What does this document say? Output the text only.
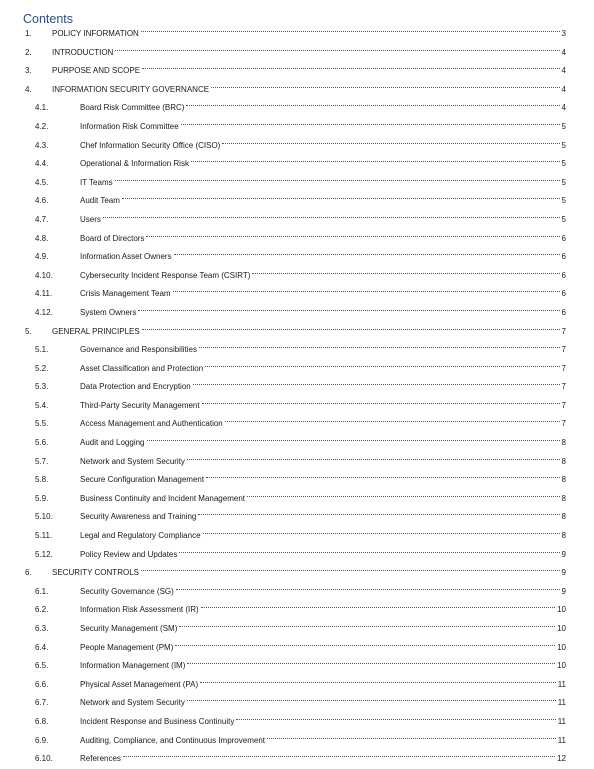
Contents
1.	POLICY INFORMATION	3
2.	INTRODUCTION	4
3.	PURPOSE AND SCOPE	4
4.	INFORMATION SECURITY GOVERNANCE	4
4.1.	Board Risk Committee (BRC)	4
4.2.	Information Risk Committee	5
4.3.	Chef Information Security Office (CISO)	5
4.4.	Operational & Information Risk	5
4.5.	IT Teams	5
4.6.	Audit Team	5
4.7.	Users	5
4.8.	Board of Directors	6
4.9.	Information Asset Owners	6
4.10.	Cybersecurity Incident Response Team (CSIRT)	6
4.11.	Crisis Management Team	6
4.12.	System Owners	6
5.	GENERAL PRINCIPLES	7
5.1.	Governance and Responsibilities	7
5.2.	Asset Classification and Protection	7
5.3.	Data Protection and Encryption	7
5.4.	Third-Party Security Management	7
5.5.	Access Management and Authentication	7
5.6.	Audit and Logging	8
5.7.	Network and System Security	8
5.8.	Secure Configuration Management	8
5.9.	Business Continuity and Incident Management	8
5.10.	Security Awareness and Training	8
5.11.	Legal and Regulatory Compliance	8
5.12.	Policy Review and Updates	9
6.	SECURITY CONTROLS	9
6.1.	Security Governance (SG)	9
6.2.	Information Risk Assessment (IR)	10
6.3.	Security Management (SM)	10
6.4.	People Management (PM)	10
6.5.	Information Management (IM)	10
6.6.	Physical Asset Management (PA)	11
6.7.	Network and System Security	11
6.8.	Incident Response and Business Continuity	11
6.9.	Auditing, Compliance, and Continuous Improvement	11
6.10.	References	12
